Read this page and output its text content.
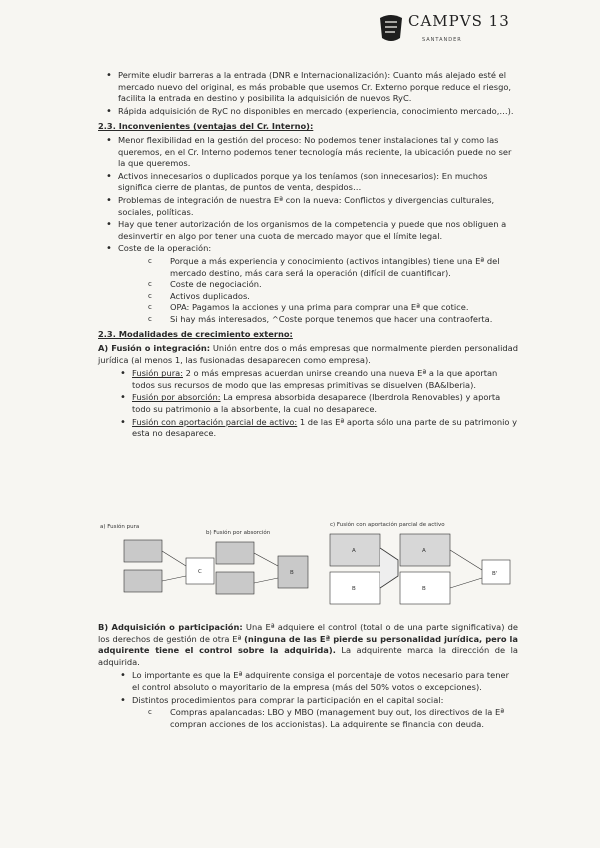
CAMPVS 13
SANTANDER
• Permite eludir barreras a la entrada (DNR e Internacionalización): Cuanto más alejado esté el mercado nuevo del original, es más probable que usemos Cr. Externo porque reduce el riesgo, facilita la entrada en destino y posibilita la adquisición de nuevos RyC.
• Rápida adquisición de RyC no disponibles en mercado (experiencia, conocimiento mercado,…).
2.3. Inconvenientes (ventajas del Cr. Interno):
• Menor flexibilidad en la gestión del proceso: No podemos tener instalaciones tal y como las queremos, en el Cr. Interno podemos tener tecnología más reciente, la ubicación puede no ser la que queremos.
• Activos innecesarios o duplicados porque ya los teníamos (son innecesarios): En muchos significa cierre de plantas, de puntos de venta, despidos…
• Problemas de integración de nuestra Eª con la nueva: Conflictos y divergencias culturales, sociales, políticas.
• Hay que tener autorización de los organismos de la competencia y puede que nos obliguen a desinvertir en algo por tener una cuota de mercado mayor que el límite legal.
• Coste de la operación:
c Porque a más experiencia y conocimiento (activos intangibles) tiene una Eª del mercado destino, más cara será la operación (difícil de cuantificar).
c Coste de negociación.
c Activos duplicados.
c OPA: Pagamos la acciones y una prima para comprar una Eª que cotice.
c Si hay más interesados, ^Coste porque tenemos que hacer una contraoferta.
2.3. Modalidades de crecimiento externo:
A) Fusión o integración: Unión entre dos o más empresas que normalmente pierden personalidad jurídica (al menos 1, las fusionadas desaparecen como empresa).
• Fusión pura: 2 o más empresas acuerdan unirse creando una nueva Eª a la que aportan todos sus recursos de modo que las empresas primitivas se disuelven (BA&Iberia).
• Fusión por absorción: La empresa absorbida desaparece (Iberdrola Renovables) y aporta todo su patrimonio a la absorbente, la cual no desaparece.
• Fusión con aportación parcial de activo: 1 de las Eª aporta sólo una parte de su patrimonio y esta no desaparece.
a) Fusión pura
b) Fusión por absorción
c) Fusión con aportación parcial de activo
C	B
A
B
A
B
B'
B) Adquisición o participación: Una Eª adquiere el control (total o de una parte significativa) de los derechos de gestión de otra Eª (ninguna de las Eª pierde su personalidad jurídica, pero la adquirente tiene el control sobre la adquirida). La adquirente marca la dirección de la adquirida.
• Lo importante es que la Eª adquirente consiga el porcentaje de votos necesario para tener el control absoluto o mayoritario de la empresa (más del 50% votos o excepciones).
• Distintos procedimientos para comprar la participación en el capital social:
c Compras apalancadas: LBO y MBO (management buy out, los directivos de la Eª compran acciones de los accionistas). La adquirente se financia con deuda.
